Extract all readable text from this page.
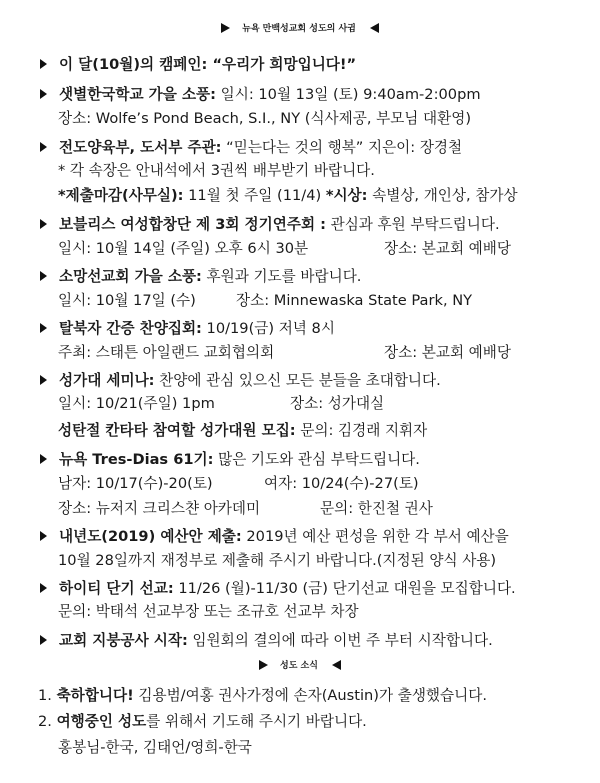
뉴욕 만백성교회 성도의 사귐
이 달(10월)의 캠페인: “우리가 희망입니다!”
샛별한국학교 가을 소풍: 일시: 10월 13일 (토) 9:40am-2:00pm
장소: Wolfe’s Pond Beach, S.I., NY (식사제공, 부모님 대환영)
전도양육부, 도서부 주관: “믿는다는 것의 행복” 지은이: 장경철
* 각 속장은 안내석에서 3권씩 배부받기 바랍니다.
*제출마감(사무실): 11월 첫 주일 (11/4) *시상: 속별상, 개인상, 참가상
보블리스 여성합창단 제 3회 정기연주회 : 관심과 후원 부탁드립니다.
일시: 10월 14일 (주일) 오후 6시 30분	장소: 본교회 예배당
소망선교회 가을 소풍: 후원과 기도를 바랍니다.
일시: 10월 17일 (수)	장소: Minnewaska State Park, NY
탈북자 간증 찬양집회: 10/19(금) 저녁 8시
주최: 스태튼 아일랜드 교회협의회	장소: 본교회 예배당
성가대 세미나: 찬양에 관심 있으신 모든 분들을 초대합니다.
일시: 10/21(주일) 1pm	장소: 성가대실
성탄절 칸타타 참여할 성가대원 모집: 문의: 김경래 지휘자
뉴욕 Tres-Dias 61기: 많은 기도와 관심 부탁드립니다.
남자: 10/17(수)-20(토)	여자: 10/24(수)-27(토)
장소: 뉴저지 크리스챤 아카데미	문의: 한진철 권사
내년도(2019) 예산안 제출: 2019년 예산 편성을 위한 각 부서 예산을
10월 28일까지 재정부로 제출해 주시기 바랍니다.(지정된 양식 사용)
하이티 단기 선교: 11/26 (월)-11/30 (금) 단기선교 대원을 모집합니다.
문의: 박태석 선교부장 또는 조규호 선교부 차장
교회 지붕공사 시작: 임원회의 결의에 따라 이번 주 부터 시작합니다.
성도 소식
1. 축하합니다! 김용범/여홍 권사가정에 손자(Austin)가 출생했습니다.
2. 여행중인 성도를 위해서 기도해 주시기 바랍니다.
홍봉님-한국, 김태언/영희-한국
